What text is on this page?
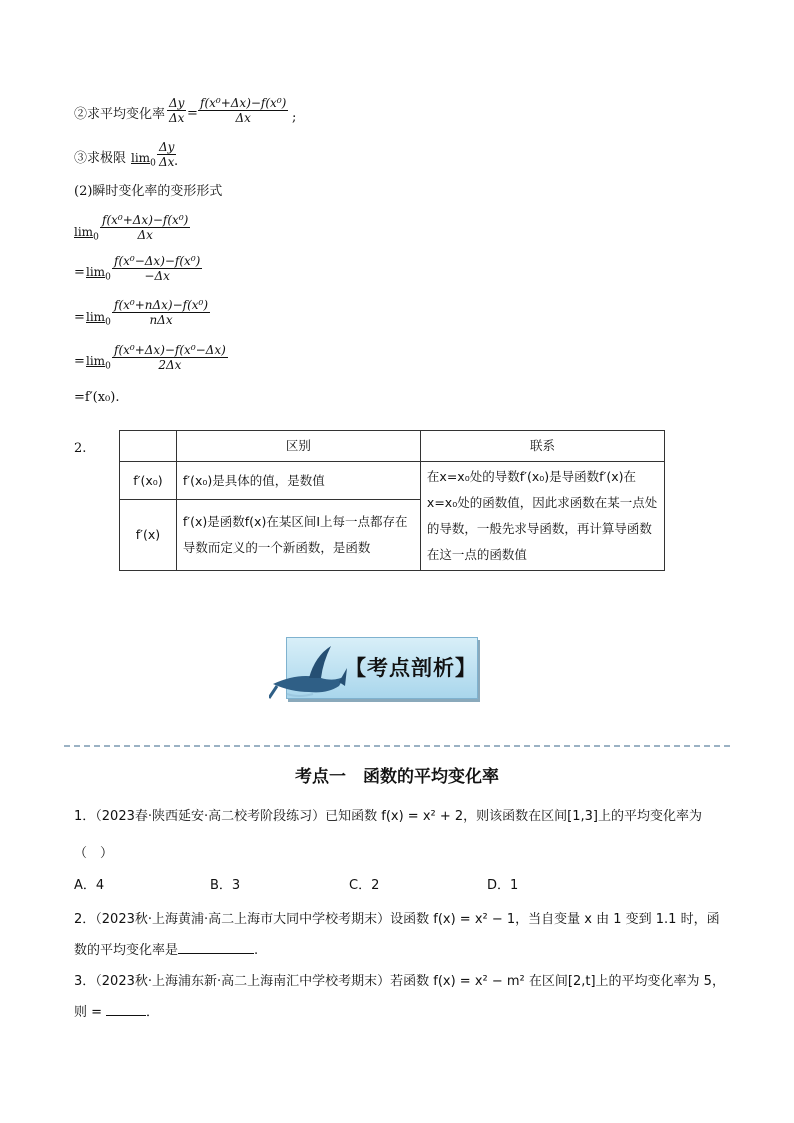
②求平均变化率
Δy
Δx =
f(x⁰+Δx)−f(x⁰)
Δx	;
③求极限 $\lim_0$
Δy
Δx .
(2)瞬时变化率的变形形式
$\lim_0$
f(x⁰+Δx)−f(x⁰)
Δx
= $\lim_0$
f(x⁰−Δx)−f(x⁰)
−Δx
= $\lim_0$
f(x⁰+nΔx)−f(x⁰)
nΔx
= $\lim_0$
f(x⁰+Δx)−f(x⁰−Δx)
2Δx
=f′(x₀).
2.
		区别	联系
f′(x₀)	f′(x₀)是具体的值，是数值	在x=x₀处的导数f′(x₀)是导函数f′(x)在x=x₀处的函数值，因此求函数在某一点处的导数，一般先求导函数，再计算导函数在这一点的函数值
f′(x)	f′(x)是函数f(x)在某区间I上每一点都存在导数而定义的一个新函数，是函数	
【考点剖析】
考点一　函数的平均变化率
1．（2023春·陕西延安·高二校考阶段练习）已知函数 f(x) = x² + 2，则该函数在区间[1,3]上的平均变化率为
（　）
A．4	B．3	C．2	D．1
2．（2023秋·上海黄浦·高二上海市大同中学校考期末）设函数 f(x) = x² − 1，当自变量 x 由 1 变到 1.1 时，函
数的平均变化率是	.
3．（2023秋·上海浦东新·高二上海南汇中学校考期末）若函数 f(x) = x² − m² 在区间[2,t]上的平均变化率为 5，
则 =	．
